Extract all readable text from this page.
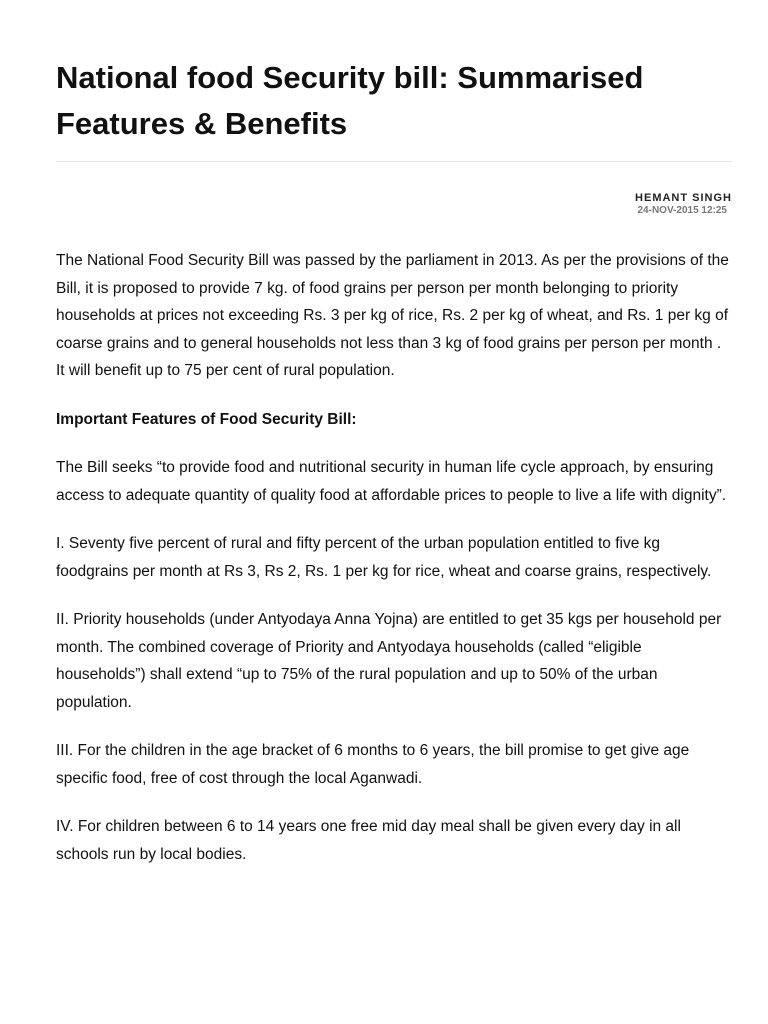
National food Security bill: Summarised Features & Benefits
HEMANT SINGH
24-NOV-2015 12:25

The National Food Security Bill was passed by the parliament in 2013. As per the provisions of the Bill, it is proposed to provide 7 kg. of food grains per person per month belonging to priority households at prices not exceeding Rs. 3 per kg of rice, Rs. 2 per kg of wheat, and Rs. 1 per kg of coarse grains and to general households not less than 3 kg of food grains per person per month . It will benefit up to 75 per cent of rural population.

Important Features of Food Security Bill:

The Bill seeks “to provide food and nutritional security in human life cycle approach, by ensuring access to adequate quantity of quality food at affordable prices to people to live a life with dignity”.

I. Seventy five percent of rural and fifty percent of the urban population entitled to five kg foodgrains per month at Rs 3, Rs 2, Rs. 1 per kg for rice, wheat and coarse grains, respectively.

II. Priority households (under Antyodaya Anna Yojna) are entitled to get 35 kgs per household per month. The combined coverage of Priority and Antyodaya households (called “eligible households”) shall extend “up to 75% of the rural population and up to 50% of the urban population.

III. For the children in the age bracket of 6 months to 6 years, the bill promise to get give age specific food, free of cost through the local Aganwadi.

IV. For children between 6 to 14 years one free mid day meal shall be given every day in all schools run by local bodies.
